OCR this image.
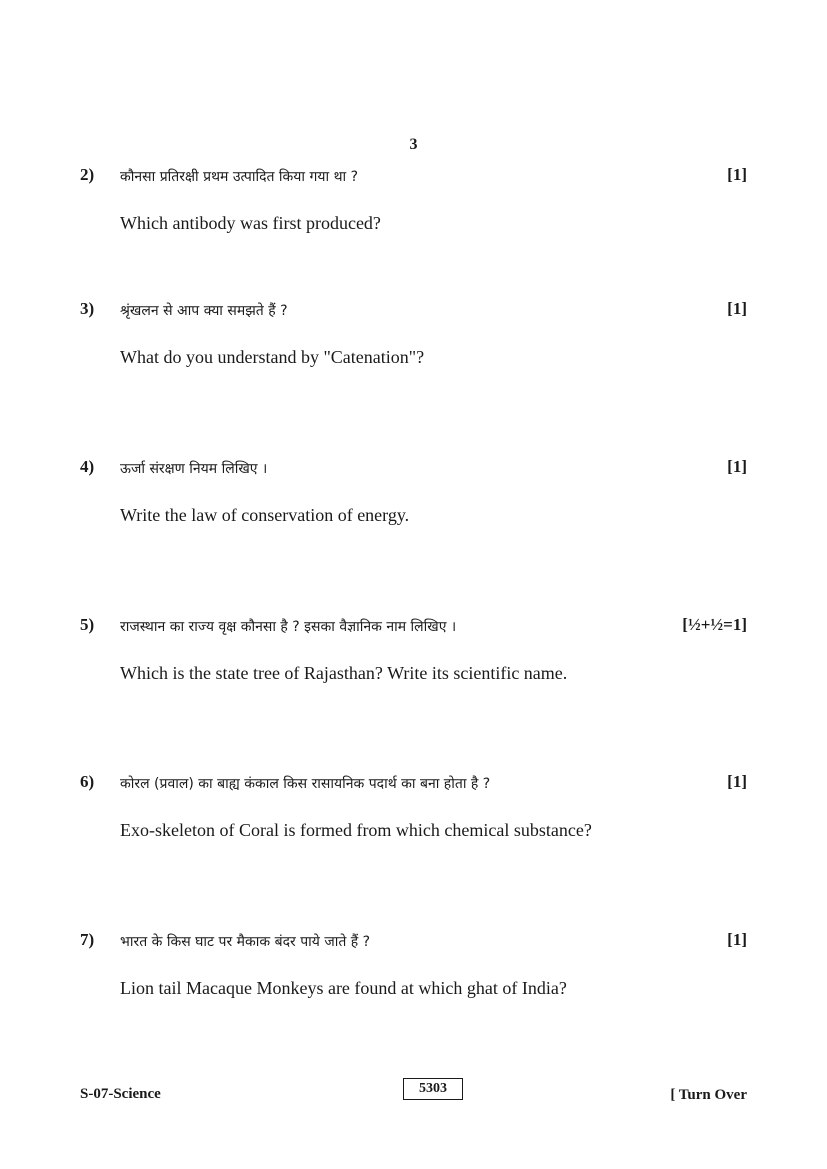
3
2) कौनसा प्रतिरक्षी प्रथम उत्पादित किया गया था ?	[1]
Which antibody was first produced?
3) श्रृंखलन से आप क्या समझते हैं ?	[1]
What do you understand by "Catenation"?
4) ऊर्जा संरक्षण नियम लिखिए ।	[1]
Write the law of conservation of energy.
5) राजस्थान का राज्य वृक्ष कौनसा है ? इसका वैज्ञानिक नाम लिखिए ।	[½+½=1]
Which is the state tree of Rajasthan? Write its scientific name.
6) कोरल (प्रवाल) का बाह्य कंकाल किस रासायनिक पदार्थ का बना होता है ?	[1]
Exo-skeleton of Coral is formed from which chemical substance?
7) भारत के किस घाट पर मैकाक बंदर पाये जाते हैं ?	[1]
Lion tail Macaque Monkeys are found at which ghat of India?
S-07-Science	5303	[ Turn Over
